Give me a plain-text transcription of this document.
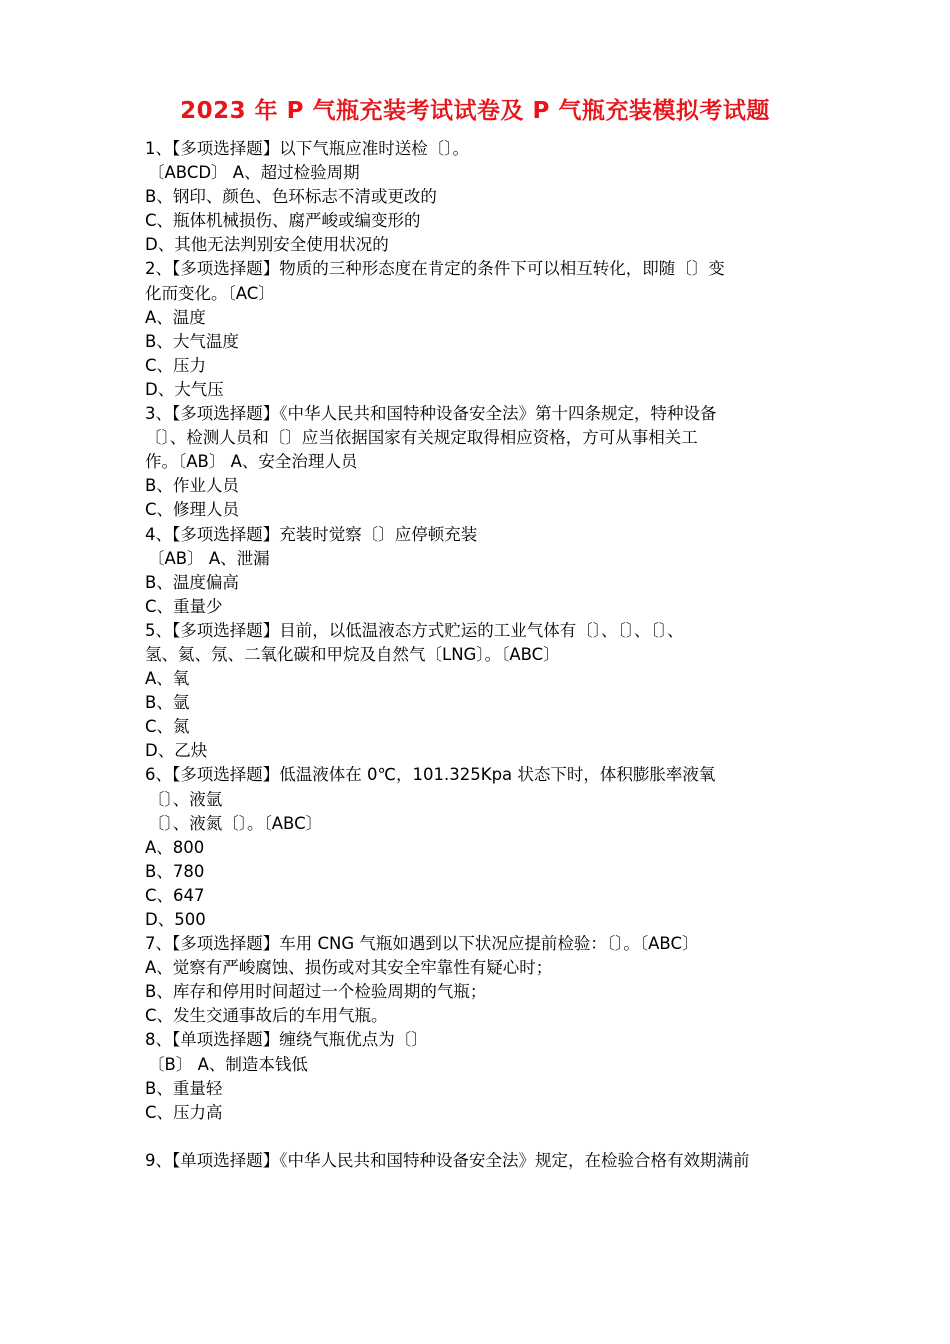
2023 年 P 气瓶充装考试试卷及 P 气瓶充装模拟考试题
1、【多项选择题】以下气瓶应准时送检〔〕。
〔ABCD〕 A、超过检验周期
B、钢印、颜色、色环标志不清或更改的
C、瓶体机械损伤、腐严峻或编变形的
D、其他无法判别安全使用状况的
2、【多项选择题】物质的三种形态度在肯定的条件下可以相互转化，即随〔〕变
化而变化。〔AC〕
A、温度
B、大气温度
C、压力
D、大气压
3、【多项选择题】《中华人民共和国特种设备安全法》第十四条规定，特种设备
〔〕、检测人员和〔〕应当依据国家有关规定取得相应资格，方可从事相关工
作。〔AB〕 A、安全治理人员
B、作业人员
C、修理人员
4、【多项选择题】充装时觉察〔〕应停顿充装
〔AB〕 A、泄漏
B、温度偏高
C、重量少
5、【多项选择题】目前，以低温液态方式贮运的工业气体有〔〕、〔〕、〔〕、
氢、氦、氖、二氧化碳和甲烷及自然气〔LNG〕。〔ABC〕
A、氧
B、氩
C、氮
D、乙炔
6、【多项选择题】低温液体在 0℃，101.325Kpa 状态下时，体积膨胀率液氧
〔〕、液氩
〔〕、液氮〔〕。〔ABC〕
A、800
B、780
C、647
D、500
7、【多项选择题】车用 CNG 气瓶如遇到以下状况应提前检验：〔〕。〔ABC〕
A、觉察有严峻腐蚀、损伤或对其安全牢靠性有疑心时；
B、库存和停用时间超过一个检验周期的气瓶；
C、发生交通事故后的车用气瓶。
8、【单项选择题】缠绕气瓶优点为〔〕
〔B〕 A、制造本钱低
B、重量轻
C、压力高
9、【单项选择题】《中华人民共和国特种设备安全法》规定，在检验合格有效期满前
